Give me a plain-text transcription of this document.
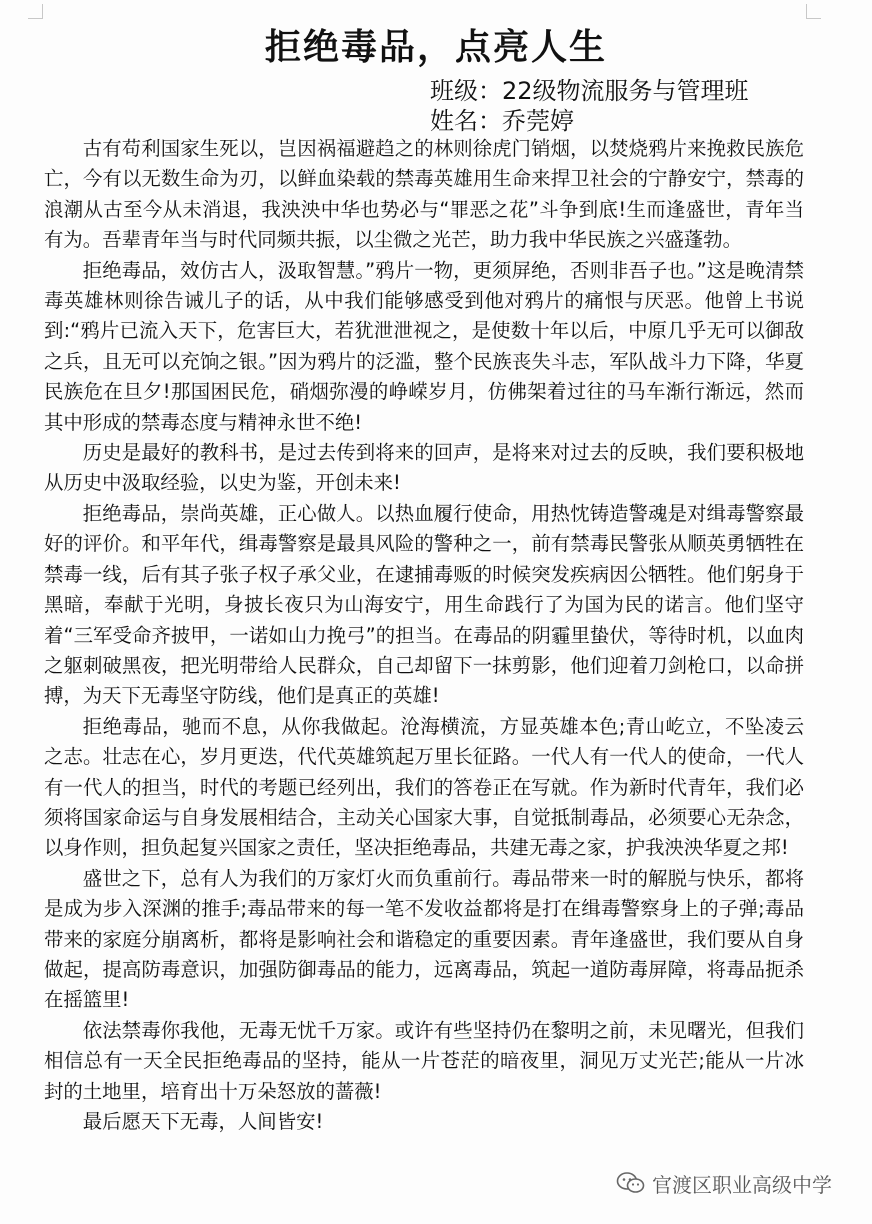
拒绝毒品，点亮人生
班级：22级物流服务与管理班
姓名：乔莞婷

古有苟利国家生死以，岂因祸福避趋之的林则徐虎门销烟，以焚烧鸦片来挽救民族危亡，今有以无数生命为刃，以鲜血染载的禁毒英雄用生命来捍卫社会的宁静安宁，禁毒的浪潮从古至今从未消退，我泱泱中华也势必与“罪恶之花”斗争到底!生而逢盛世，青年当有为。吾辈青年当与时代同频共振，以尘微之光芒，助力我中华民族之兴盛蓬勃。

拒绝毒品，效仿古人，汲取智慧。”鸦片一物，更须屏绝，否则非吾子也。”这是晚清禁毒英雄林则徐告诫儿子的话，从中我们能够感受到他对鸦片的痛恨与厌恶。他曾上书说到:“鸦片已流入天下，危害巨大，若犹泄泄视之，是使数十年以后，中原几乎无可以御敌之兵，且无可以充饷之银。”因为鸦片的泛滥，整个民族丧失斗志，军队战斗力下降，华夏民族危在旦夕!那国困民危，硝烟弥漫的峥嵘岁月，仿佛架着过往的马车渐行渐远，然而其中形成的禁毒态度与精神永世不绝!

历史是最好的教科书，是过去传到将来的回声，是将来对过去的反映，我们要积极地从历史中汲取经验，以史为鉴，开创未来!

拒绝毒品，崇尚英雄，正心做人。以热血履行使命，用热忱铸造警魂是对缉毒警察最好的评价。和平年代，缉毒警察是最具风险的警种之一，前有禁毒民警张从顺英勇牺牲在禁毒一线，后有其子张子权子承父业，在逮捕毒贩的时候突发疾病因公牺牲。他们躬身于黑暗，奉献于光明，身披长夜只为山海安宁，用生命践行了为国为民的诺言。他们坚守着“三军受命齐披甲，一诺如山力挽弓”的担当。在毒品的阴霾里蛰伏，等待时机，以血肉之躯刺破黑夜，把光明带给人民群众，自己却留下一抹剪影，他们迎着刀剑枪口，以命拼搏，为天下无毒坚守防线，他们是真正的英雄!

拒绝毒品，驰而不息，从你我做起。沧海横流，方显英雄本色;青山屹立，不坠凌云之志。壮志在心，岁月更迭，代代英雄筑起万里长征路。一代人有一代人的使命，一代人有一代人的担当，时代的考题已经列出，我们的答卷正在写就。作为新时代青年，我们必须将国家命运与自身发展相结合，主动关心国家大事，自觉抵制毒品，必须要心无杂念，以身作则，担负起复兴国家之责任，坚决拒绝毒品，共建无毒之家，护我泱泱华夏之邦!

盛世之下，总有人为我们的万家灯火而负重前行。毒品带来一时的解脱与快乐，都将是成为步入深渊的推手;毒品带来的每一笔不发收益都将是打在缉毒警察身上的子弹;毒品带来的家庭分崩离析，都将是影响社会和谐稳定的重要因素。青年逢盛世，我们要从自身做起，提高防毒意识，加强防御毒品的能力，远离毒品，筑起一道防毒屏障，将毒品扼杀在摇篮里!

依法禁毒你我他，无毒无忧千万家。或许有些坚持仍在黎明之前，未见曙光，但我们相信总有一天全民拒绝毒品的坚持，能从一片苍茫的暗夜里，洞见万丈光芒;能从一片冰封的土地里，培育出十万朵怒放的蔷薇!

最后愿天下无毒，人间皆安!

官渡区职业高级中学
